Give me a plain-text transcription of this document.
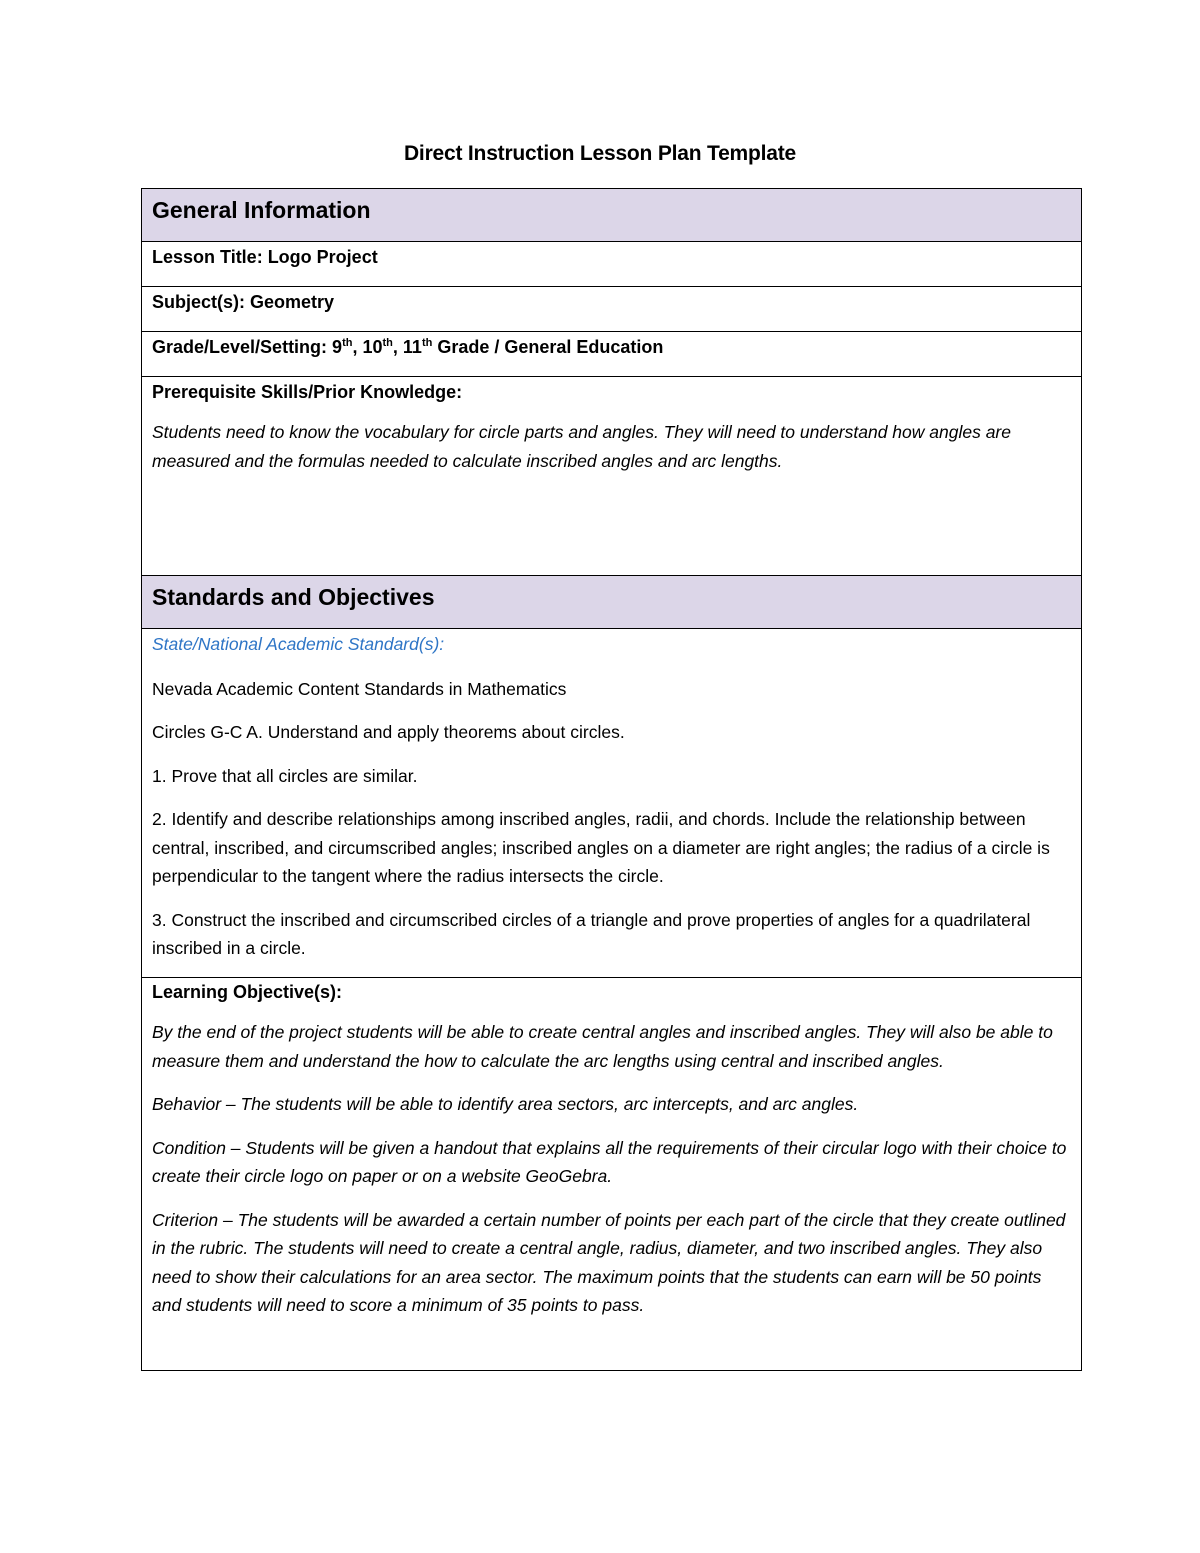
Direct Instruction Lesson Plan Template
General Information

Lesson Title: Logo Project

Subject(s): Geometry

Grade/Level/Setting: 9th, 10th, 11th Grade / General Education

Prerequisite Skills/Prior Knowledge:

Students need to know the vocabulary for circle parts and angles. They will need to understand how angles are measured and the formulas needed to calculate inscribed angles and arc lengths.

Standards and Objectives

State/National Academic Standard(s):

Nevada Academic Content Standards in Mathematics

Circles G-C A. Understand and apply theorems about circles.

1. Prove that all circles are similar.

2. Identify and describe relationships among inscribed angles, radii, and chords. Include the relationship between central, inscribed, and circumscribed angles; inscribed angles on a diameter are right angles; the radius of a circle is perpendicular to the tangent where the radius intersects the circle.

3. Construct the inscribed and circumscribed circles of a triangle and prove properties of angles for a quadrilateral inscribed in a circle.

Learning Objective(s):

By the end of the project students will be able to create central angles and inscribed angles. They will also be able to measure them and understand the how to calculate the arc lengths using central and inscribed angles.

Behavior – The students will be able to identify area sectors, arc intercepts, and arc angles.

Condition – Students will be given a handout that explains all the requirements of their circular logo with their choice to create their circle logo on paper or on a website GeoGebra.

Criterion – The students will be awarded a certain number of points per each part of the circle that they create outlined in the rubric. The students will need to create a central angle, radius, diameter, and two inscribed angles. They also need to show their calculations for an area sector. The maximum points that the students can earn will be 50 points and students will need to score a minimum of 35 points to pass.
